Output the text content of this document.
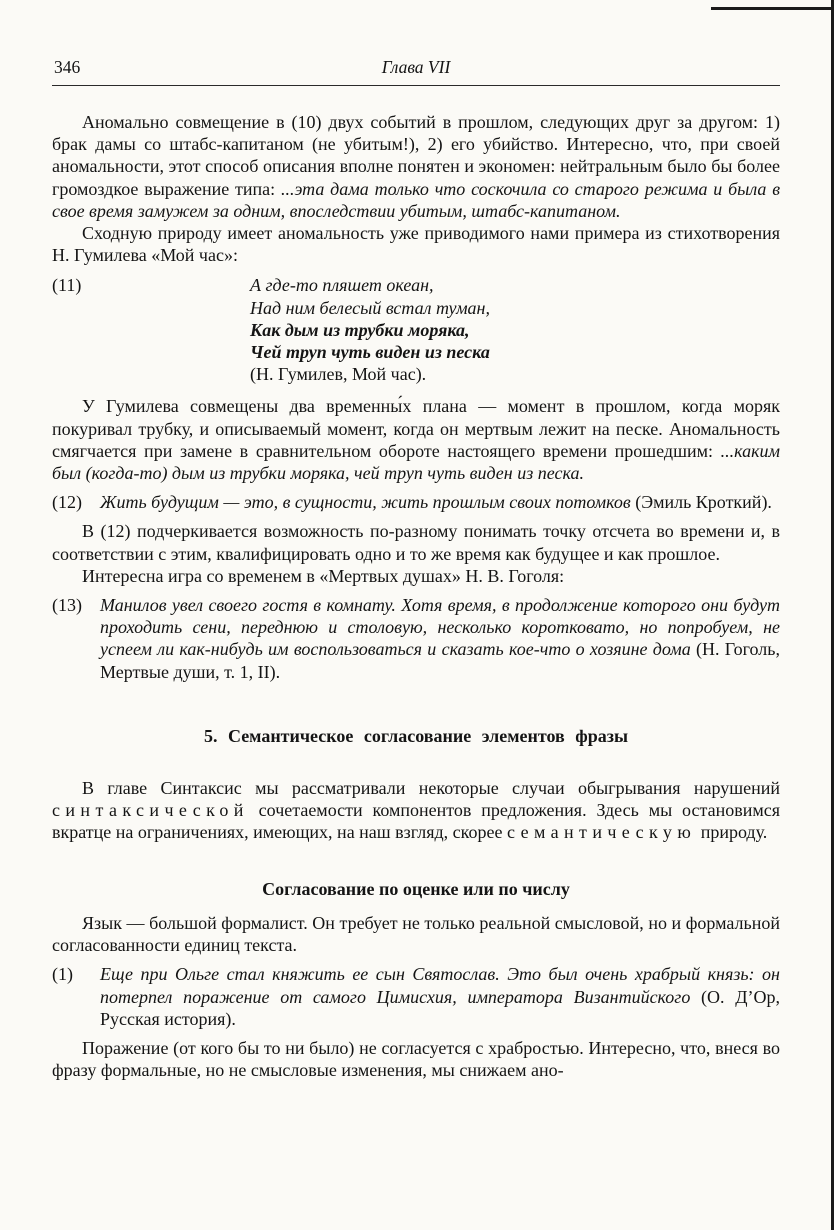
346	Глава VII

Аномально совмещение в (10) двух событий в прошлом, следующих друг за другом: 1) брак дамы со штабс-капитаном (не убитым!), 2) его убийство. Интересно, что, при своей аномальности, этот способ описания вполне понятен и экономен: нейтральным было бы более громоздкое выражение типа: ...эта дама только что соскочила со старого режима и была в свое время замужем за одним, впоследствии убитым, штабс-капитаном.

Сходную природу имеет аномальность уже приводимого нами примера из стихотворения Н. Гумилева «Мой час»:

(11)	А где-то пляшет океан,
Над ним белесый встал туман,
Как дым из трубки моряка,
Чей труп чуть виден из песка
(Н. Гумилев, Мой час).

У Гумилева совмещены два временны́х плана — момент в прошлом, когда моряк покуривал трубку, и описываемый момент, когда он мертвым лежит на песке. Аномальность смягчается при замене в сравнительном обороте настоящего времени прошедшим: ...каким был (когда-то) дым из трубки моряка, чей труп чуть виден из песка.

(12) Жить будущим — это, в сущности, жить прошлым своих потомков (Эмиль Кроткий).

В (12) подчеркивается возможность по-разному понимать точку отсчета во времени и, в соответствии с этим, квалифицировать одно и то же время как будущее и как прошлое.

Интересна игра со временем в «Мертвых душах» Н. В. Гоголя:

(13) Манилов увел своего гостя в комнату. Хотя время, в продолжение которого они будут проходить сени, переднюю и столовую, несколько коротковато, но попробуем, не успеем ли как-нибудь им воспользоваться и сказать кое-что о хозяине дома (Н. Гоголь, Мертвые души, т. 1, II).
5. Семантическое согласование элементов фразы

В главе Синтаксис мы рассматривали некоторые случаи обыгрывания нарушений синтаксической сочетаемости компонентов предложения. Здесь мы остановимся вкратце на ограничениях, имеющих, на наш взгляд, скорее семантическую природу.

Согласование по оценке или по числу

Язык — большой формалист. Он требует не только реальной смысловой, но и формальной согласованности единиц текста.

(1) Еще при Ольге стал княжить ее сын Святослав. Это был очень храбрый князь: он потерпел поражение от самого Цимисхия, императора Византийского (О. Д’Ор, Русская история).

Поражение (от кого бы то ни было) не согласуется с храбростью. Интересно, что, внеся во фразу формальные, но не смысловые изменения, мы снижаем ано-
